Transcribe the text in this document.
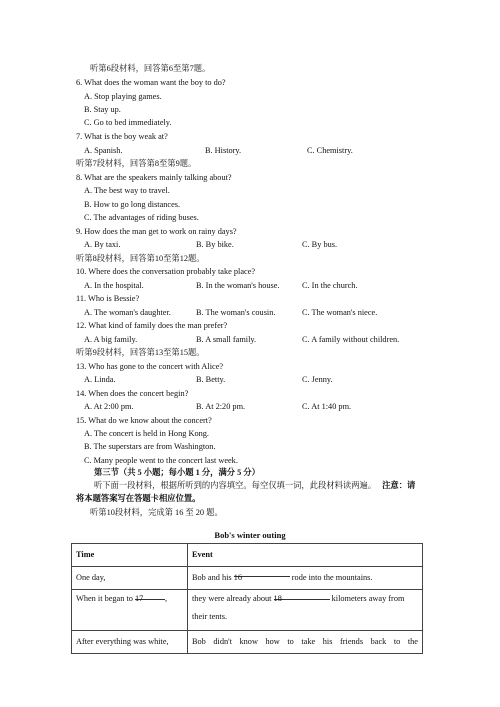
听第6段材料，回答第6至第7题。
6. What does the woman want the boy to do?
A. Stop playing games.
B. Stay up.
C. Go to bed immediately.
7. What is the boy weak at?
A. Spanish.	B. History.	C. Chemistry.
听第7段材料，回答第8至第9题。
8. What are the speakers mainly talking about?
A. The best way to travel.
B. How to go long distances.
C. The advantages of riding buses.
9. How does the man get to work on rainy days?
A. By taxi.	B. By bike.	C. By bus.
听第8段材料，回答第10至第12题。
10. Where does the conversation probably take place?
A. In the hospital.	B. In the woman's house.	C. In the church.
11. Who is Bessie?
A. The woman's daughter.	B. The woman's cousin.	C. The woman's niece.
12. What kind of family does the man prefer?
A. A big family.	B. A small family.	C. A family without children.
听第9段材料，回答第13至第15题。
13. Who has gone to the concert with Alice?
A. Linda.	B. Betty.	C. Jenny.
14. When does the concert begin?
A. At 2:00 pm.	B. At 2:20 pm.	C. At 1:40 pm.
15. What do we know about the concert?
A. The concert is held in Hong Kong.
B. The superstars are from Washington.
C. Many people went to the concert last week.
第三节（共 5 小题；每小题 1 分，满分 5 分）
听下面一段材料，根据所听到的内容填空。每空仅填一词，此段材料读两遍。 注意：请
将本题答案写在答题卡相应位置。
听第10段材料，完成第 16 至 20 题。
Bob's winter outing
Time	Event
One day,	Bob and his 16 rode into the mountains.
When it began to 17 ,	they were already about 18 kilometers away from
their tents.
After everything was white,	Bob didn't know how to take his friends back to the
